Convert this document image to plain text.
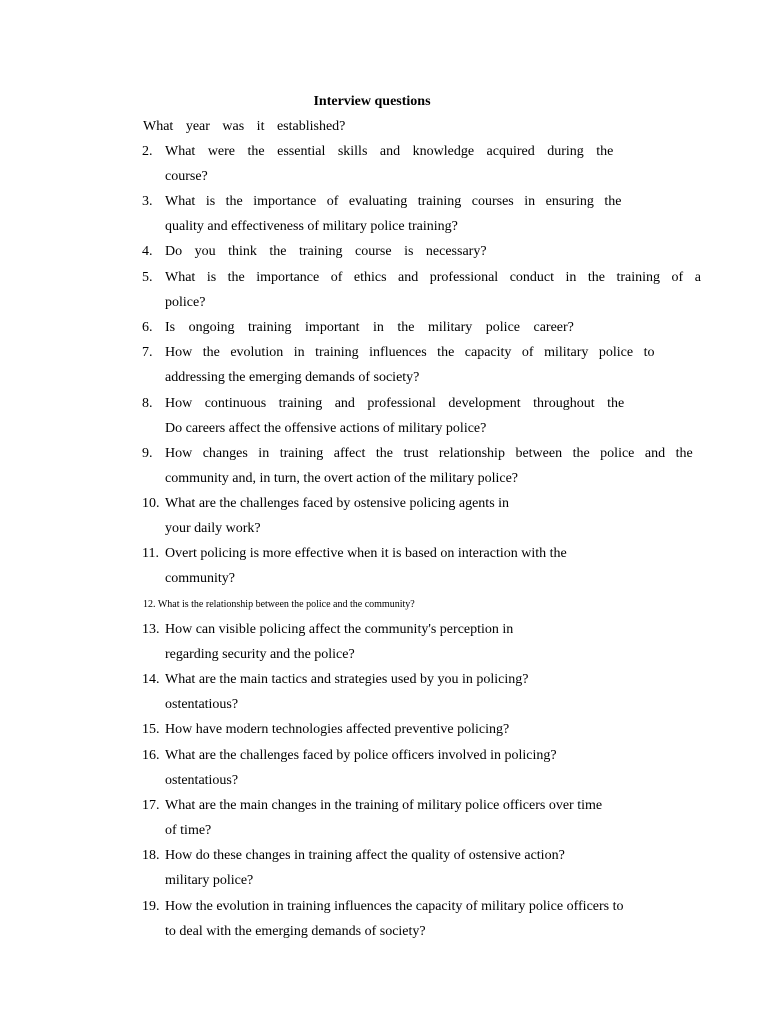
Interview questions
What year was it established?
2. What were the essential skills and knowledge acquired during the
course?
3. What is the importance of evaluating training courses in ensuring the
quality and effectiveness of military police training?
4. Do you think the training course is necessary?
5. What is the importance of ethics and professional conduct in the training of a
police?
6. Is ongoing training important in the military police career?
7. How the evolution in training influences the capacity of military police to
addressing the emerging demands of society?
8. How continuous training and professional development throughout the
Do careers affect the offensive actions of military police?
9. How changes in training affect the trust relationship between the police and the
community and, in turn, the overt action of the military police?
10. What are the challenges faced by ostensive policing agents in
your daily work?
11. Overt policing is more effective when it is based on interaction with the
community?
12. What is the relationship between the police and the community?
13. How can visible policing affect the community's perception in
regarding security and the police?
14. What are the main tactics and strategies used by you in policing?
ostentatious?
15. How have modern technologies affected preventive policing?
16. What are the challenges faced by police officers involved in policing?
ostentatious?
17. What are the main changes in the training of military police officers over time
of time?
18. How do these changes in training affect the quality of ostensive action?
military police?
19. How the evolution in training influences the capacity of military police officers to
to deal with the emerging demands of society?
